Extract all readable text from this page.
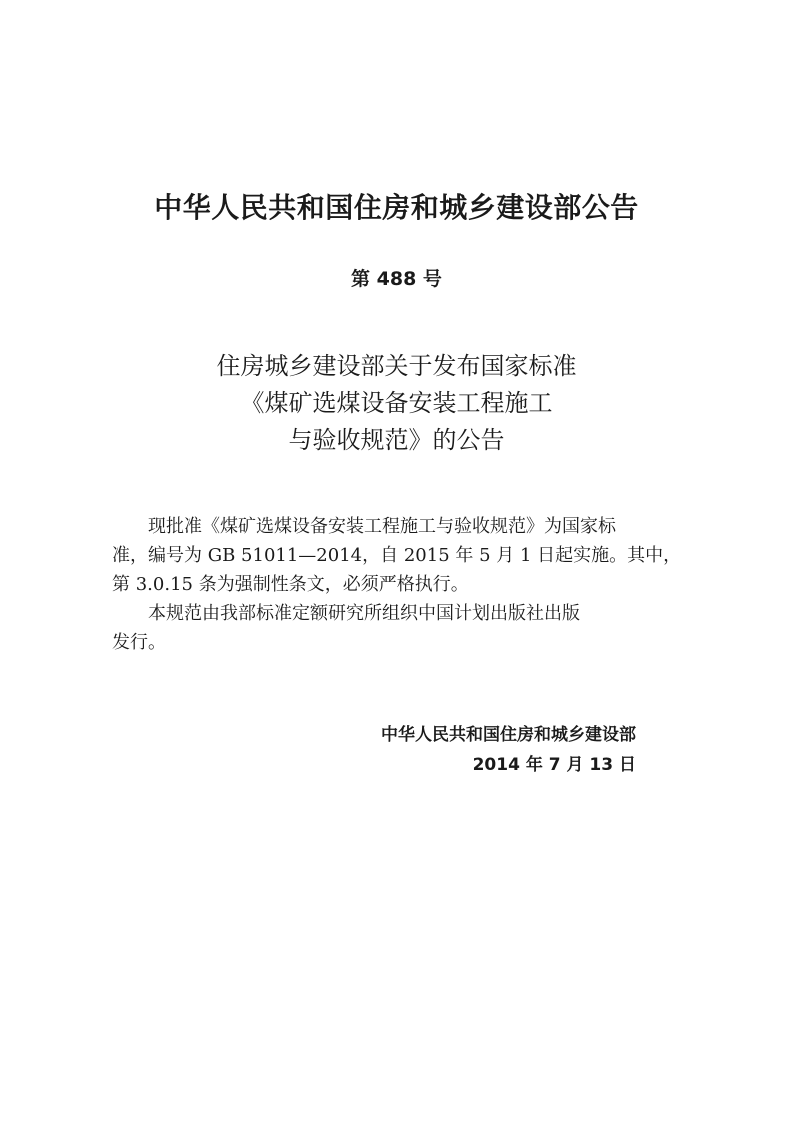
中华人民共和国住房和城乡建设部公告
第 488 号
住房城乡建设部关于发布国家标准
《煤矿选煤设备安装工程施工
与验收规范》的公告
现批准《煤矿选煤设备安装工程施工与验收规范》为国家标
准，编号为 GB 51011—2014，自 2015 年 5 月 1 日起实施。其中，
第 3.0.15 条为强制性条文，必须严格执行。
本规范由我部标准定额研究所组织中国计划出版社出版
发行。
中华人民共和国住房和城乡建设部
2014 年 7 月 13 日
